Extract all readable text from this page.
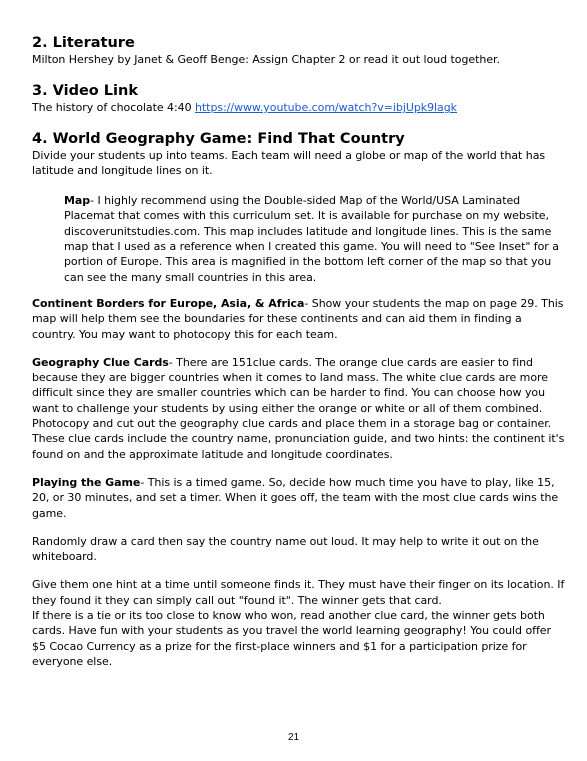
2. Literature

Milton Hershey by Janet & Geoff Benge: Assign Chapter 2 or read it out loud together.

3. Video Link

The history of chocolate 4:40 https://www.youtube.com/watch?v=ibjUpk9lagk

4. World Geography Game: Find That Country

Divide your students up into teams. Each team will need a globe or map of the world that has latitude and longitude lines on it.

Map- I highly recommend using the Double-sided Map of the World/USA Laminated Placemat that comes with this curriculum set. It is available for purchase on my website, discoverunitstudies.com. This map includes latitude and longitude lines. This is the same map that I used as a reference when I created this game. You will need to "See Inset" for a portion of Europe. This area is magnified in the bottom left corner of the map so that you can see the many small countries in this area.

Continent Borders for Europe, Asia, & Africa- Show your students the map on page 29. This map will help them see the boundaries for these continents and can aid them in finding a country. You may want to photocopy this for each team.

Geography Clue Cards- There are 151clue cards. The orange clue cards are easier to find because they are bigger countries when it comes to land mass. The white clue cards are more difficult since they are smaller countries which can be harder to find. You can choose how you want to challenge your students by using either the orange or white or all of them combined. Photocopy and cut out the geography clue cards and place them in a storage bag or container. These clue cards include the country name, pronunciation guide, and two hints: the continent it's found on and the approximate latitude and longitude coordinates.

Playing the Game- This is a timed game. So, decide how much time you have to play, like 15, 20, or 30 minutes, and set a timer. When it goes off, the team with the most clue cards wins the game.

Randomly draw a card then say the country name out loud. It may help to write it out on the whiteboard.

Give them one hint at a time until someone finds it. They must have their finger on its location. If they found it they can simply call out "found it". The winner gets that card.

If there is a tie or its too close to know who won, read another clue card, the winner gets both cards. Have fun with your students as you travel the world learning geography! You could offer $5 Cocao Currency as a prize for the first-place winners and $1 for a participation prize for everyone else.

21
